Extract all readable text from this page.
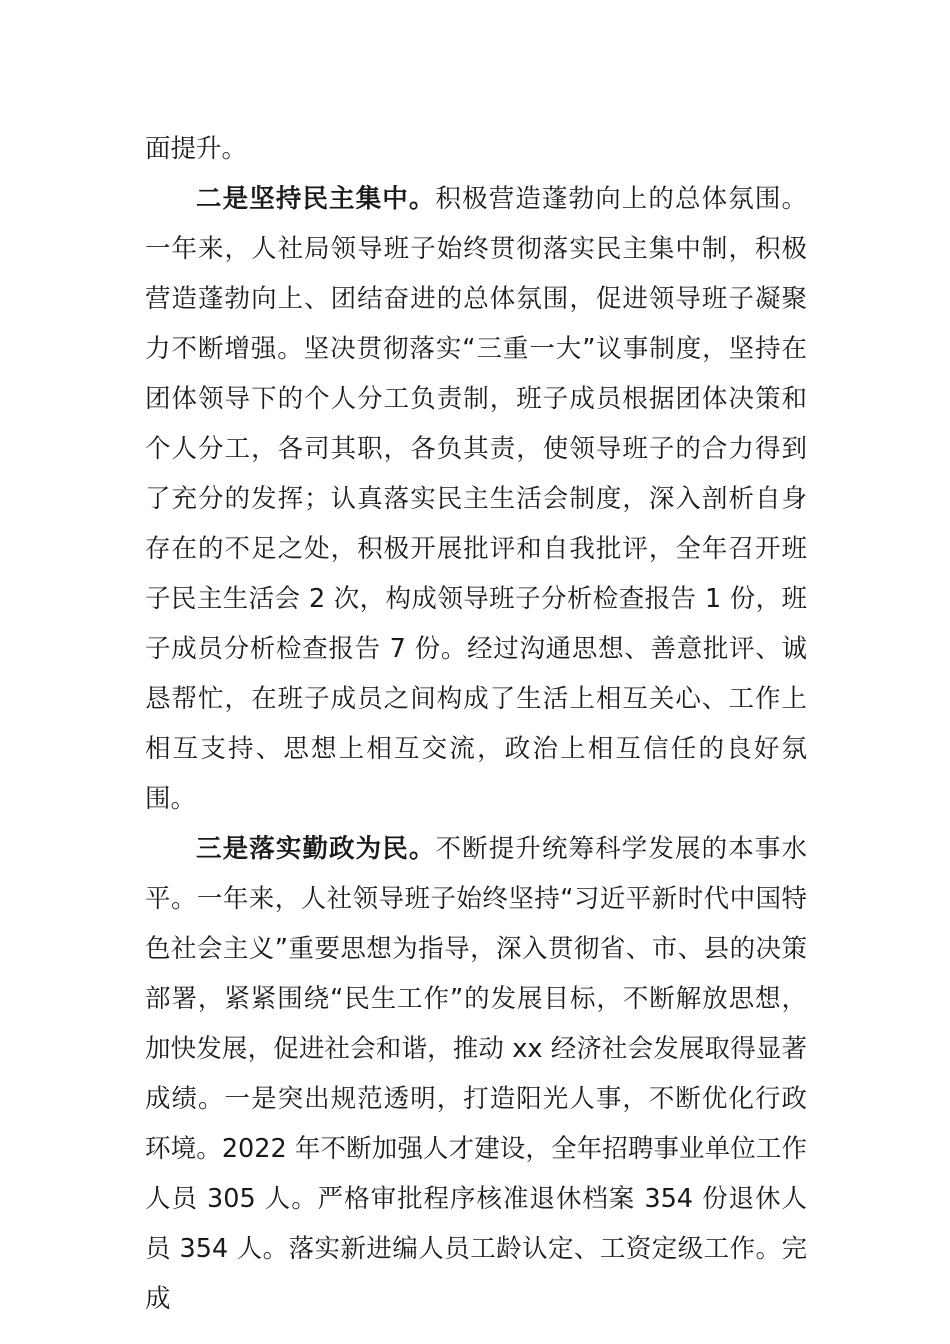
面提升。

二是坚持民主集中。积极营造蓬勃向上的总体氛围。一年来，人社局领导班子始终贯彻落实民主集中制，积极营造蓬勃向上、团结奋进的总体氛围，促进领导班子凝聚力不断增强。坚决贯彻落实“三重一大”议事制度，坚持在团体领导下的个人分工负责制，班子成员根据团体决策和个人分工，各司其职，各负其责，使领导班子的合力得到了充分的发挥；认真落实民主生活会制度，深入剖析自身存在的不足之处，积极开展批评和自我批评，全年召开班子民主生活会 2 次，构成领导班子分析检查报告 1 份，班子成员分析检查报告 7 份。经过沟通思想、善意批评、诚恳帮忙，在班子成员之间构成了生活上相互关心、工作上相互支持、思想上相互交流，政治上相互信任的良好氛围。

三是落实勤政为民。不断提升统筹科学发展的本事水平。一年来，人社领导班子始终坚持“习近平新时代中国特色社会主义”重要思想为指导，深入贯彻省、市、县的决策部署，紧紧围绕“民生工作”的发展目标，不断解放思想，加快发展，促进社会和谐，推动 xx 经济社会发展取得显著成绩。一是突出规范透明，打造阳光人事，不断优化行政环境。2022 年不断加强人才建设，全年招聘事业单位工作人员 305 人。严格审批程序核准退休档案 354 份退休人员 354 人。落实新进编人员工龄认定、工资定级工作。完成
